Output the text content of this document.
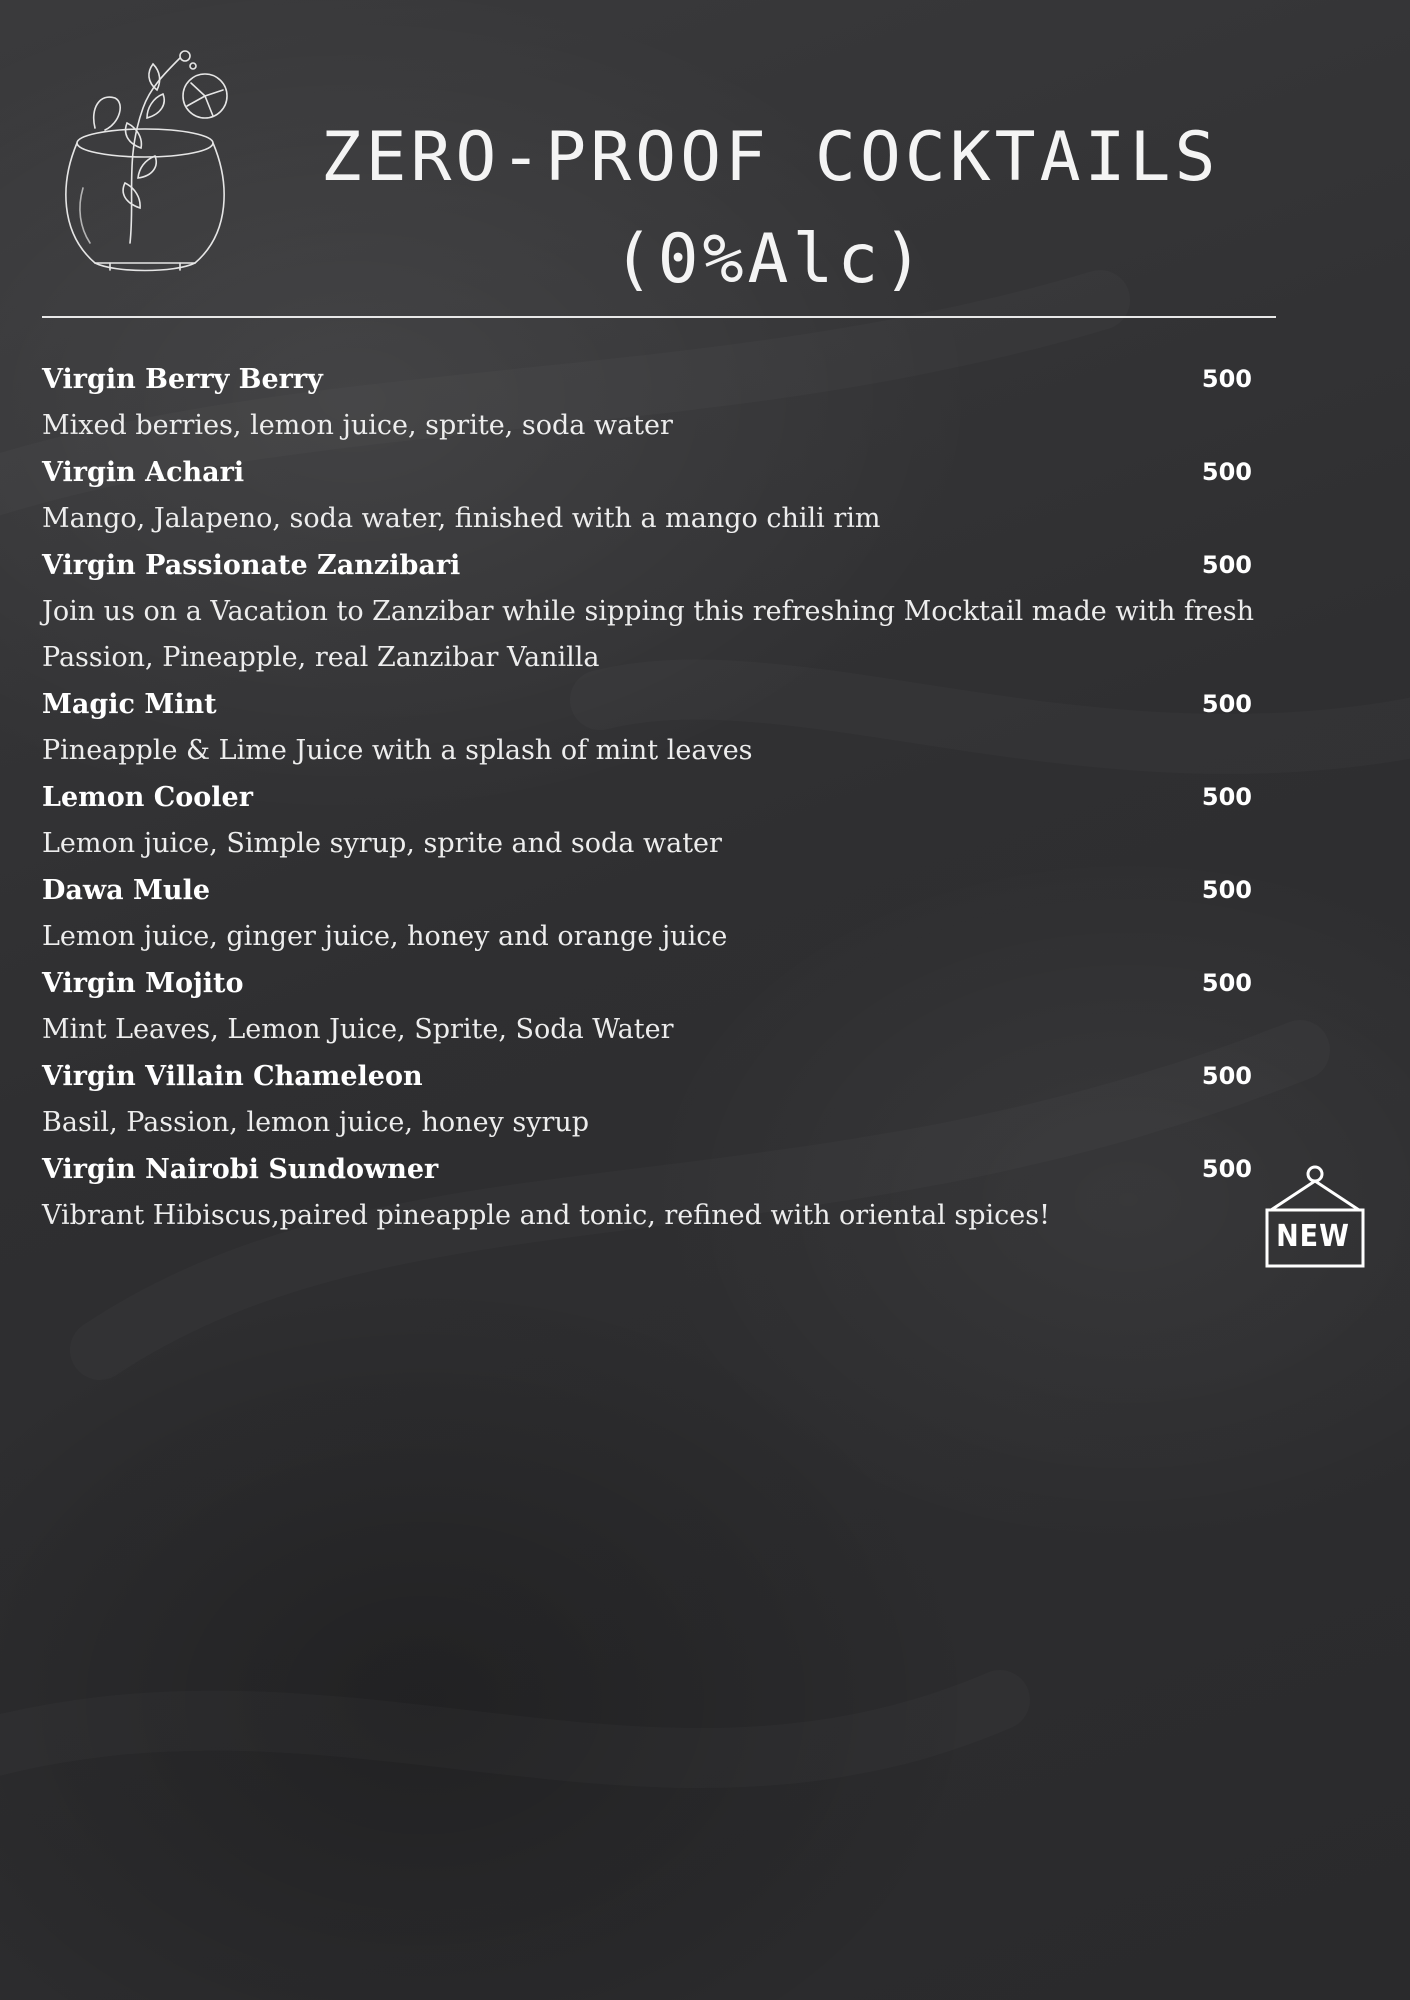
ZERO-PROOF COCKTAILS
(0%Alc)
Virgin Berry Berry	500
Mixed berries, lemon juice, sprite, soda water
Virgin Achari	500
Mango, Jalapeno, soda water, finished with a mango chili rim
Virgin Passionate Zanzibari	500
Join us on a Vacation to Zanzibar while sipping this refreshing Mocktail made with fresh Passion, Pineapple, real Zanzibar Vanilla
Magic Mint	500
Pineapple & Lime Juice with a splash of mint leaves
Lemon Cooler	500
Lemon juice, Simple syrup, sprite and soda water
Dawa Mule	500
Lemon juice, ginger juice, honey and orange juice
Virgin Mojito	500
Mint Leaves, Lemon Juice, Sprite, Soda Water
Virgin Villain Chameleon	500
Basil, Passion, lemon juice, honey syrup
Virgin Nairobi Sundowner	500
Vibrant Hibiscus,paired pineapple and tonic, refined with oriental spices!
NEW
